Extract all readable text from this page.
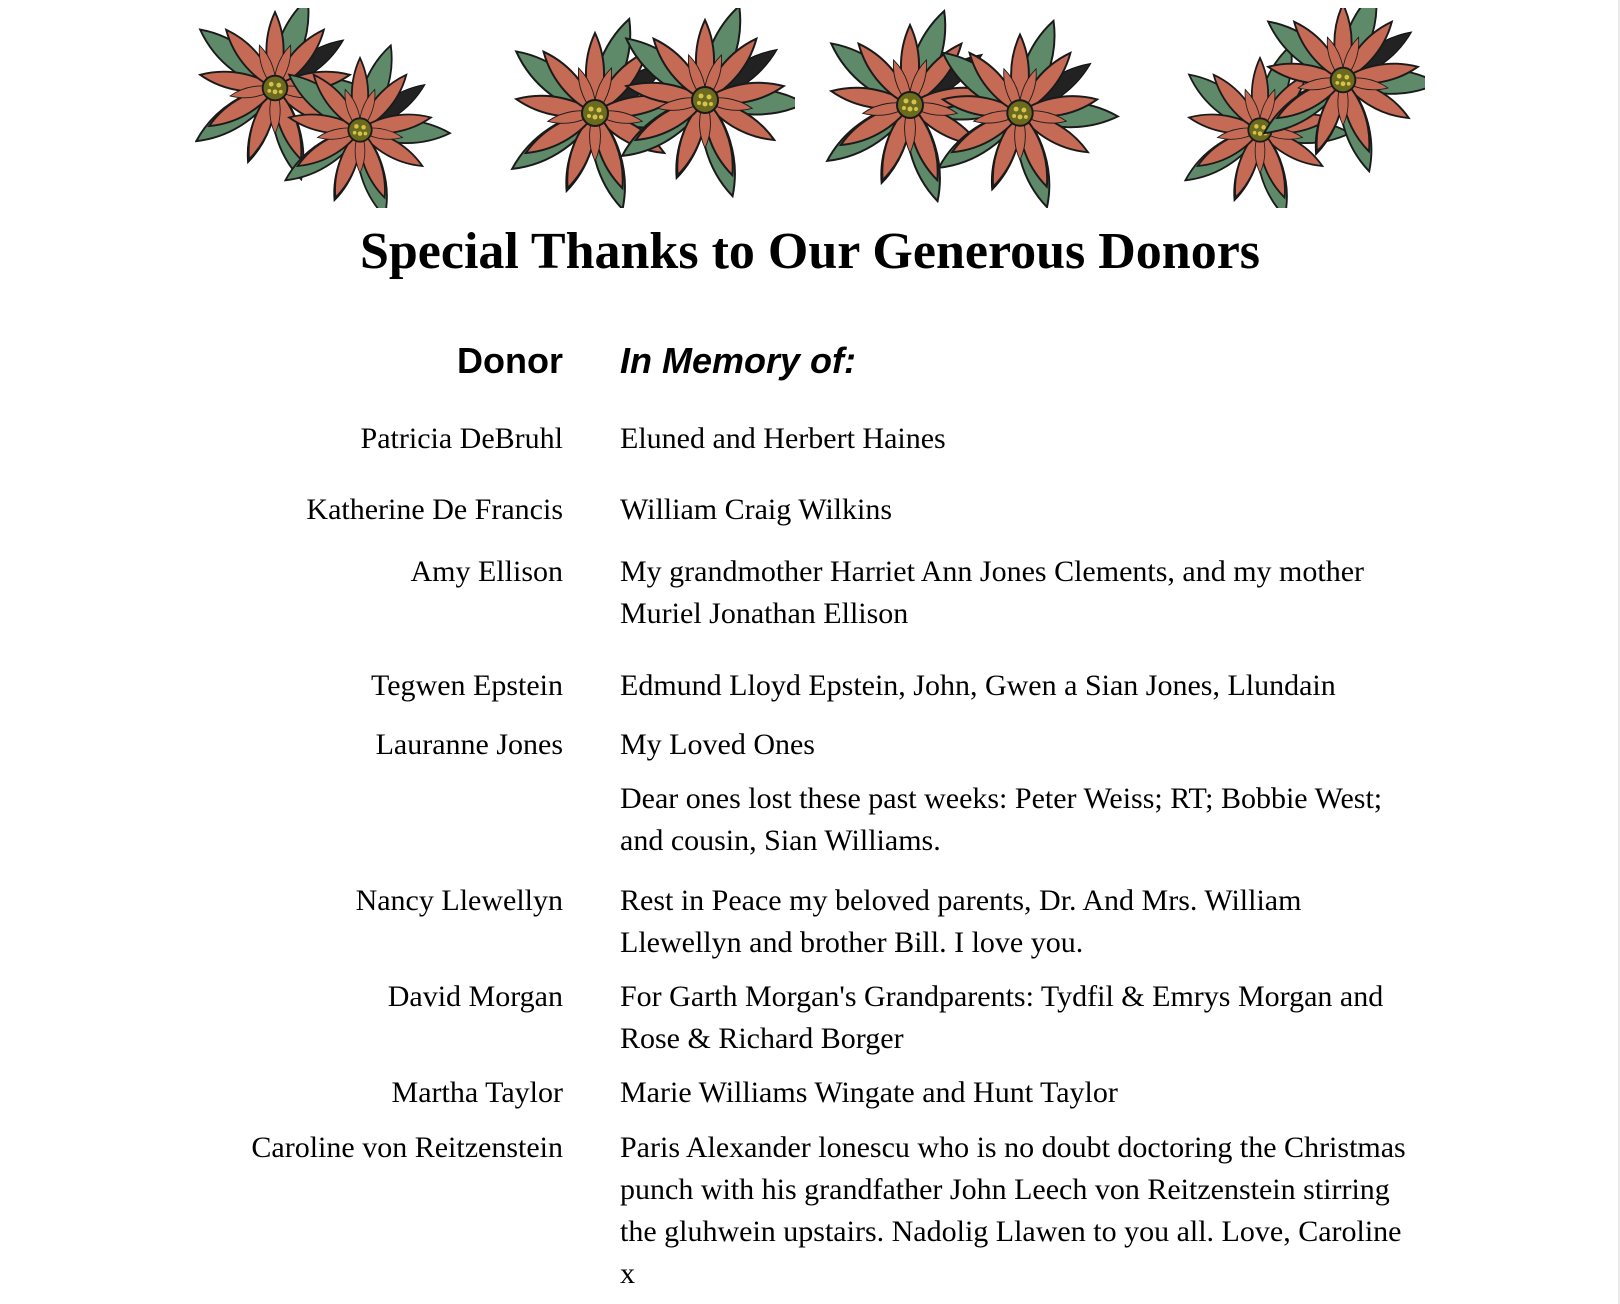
Special Thanks to Our Generous Donors
Donor In Memory of:
Patricia DeBruhl Eluned and Herbert Haines
Katherine De Francis William Craig Wilkins
Amy Ellison My grandmother Harriet Ann Jones Clements, and my mother Muriel Jonathan Ellison
Tegwen Epstein Edmund Lloyd Epstein, John, Gwen a Sian Jones, Llundain
Lauranne Jones My Loved Ones
Dear ones lost these past weeks: Peter Weiss; RT; Bobbie West; and cousin, Sian Williams.
Nancy Llewellyn Rest in Peace my beloved parents, Dr. And Mrs. William Llewellyn and brother Bill. I love you.
David Morgan For Garth Morgan's Grandparents: Tydfil & Emrys Morgan and Rose & Richard Borger
Martha Taylor Marie Williams Wingate and Hunt Taylor
Caroline von Reitzenstein Paris Alexander lonescu who is no doubt doctoring the Christmas punch with his grandfather John Leech von Reitzenstein stirring the gluhwein upstairs. Nadolig Llawen to you all. Love, Caroline x
